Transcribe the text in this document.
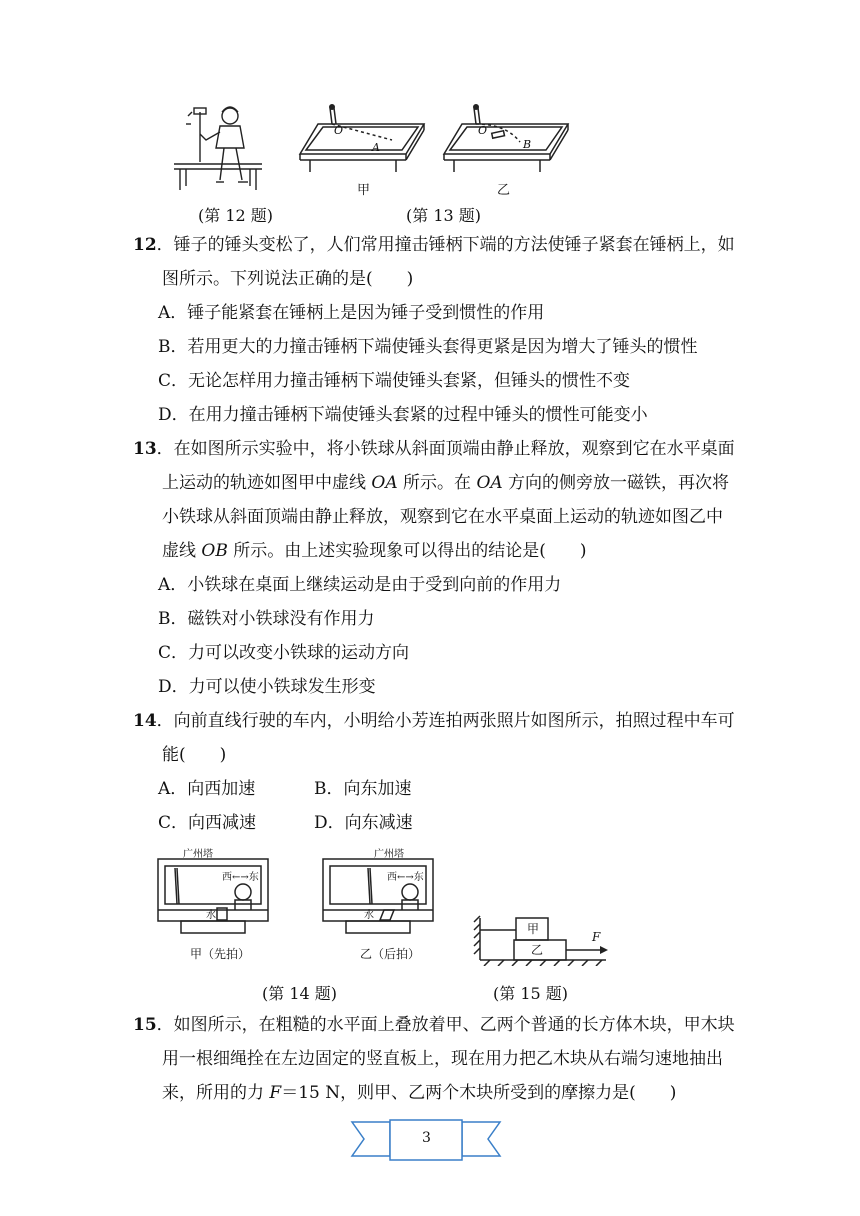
O
A
甲
O
B
乙
(第 12 题)	(第 13 题)
12．锤子的锤头变松了，人们常用撞击锤柄下端的方法使锤子紧套在锤柄上，如
图所示。下列说法正确的是(　　)
A．锤子能紧套在锤柄上是因为锤子受到惯性的作用
B．若用更大的力撞击锤柄下端使锤头套得更紧是因为增大了锤头的惯性
C．无论怎样用力撞击锤柄下端使锤头套紧，但锤头的惯性不变
D．在用力撞击锤柄下端使锤头套紧的过程中锤头的惯性可能变小
13．在如图所示实验中，将小铁球从斜面顶端由静止释放，观察到它在水平桌面
上运动的轨迹如图甲中虚线 OA 所示。在 OA 方向的侧旁放一磁铁，再次将
小铁球从斜面顶端由静止释放，观察到它在水平桌面上运动的轨迹如图乙中
虚线 OB 所示。由上述实验现象可以得出的结论是(　　)
A．小铁球在桌面上继续运动是由于受到向前的作用力
B．磁铁对小铁球没有作用力
C．力可以改变小铁球的运动方向
D．力可以使小铁球发生形变
14．向前直线行驶的车内，小明给小芳连拍两张照片如图所示，拍照过程中车可
能(　　)
A．向西加速	B．向东加速
C．向西减速	D．向东减速
广州塔
西←→东
水
甲（先拍）
广州塔
西←→东
水
乙（后拍）
甲
乙
F
(第 14 题)	(第 15 题)
15．如图所示，在粗糙的水平面上叠放着甲、乙两个普通的长方体木块，甲木块
用一根细绳拴在左边固定的竖直板上，现在用力把乙木块从右端匀速地抽出
来，所用的力 F＝15 N，则甲、乙两个木块所受到的摩擦力是(　　)
3
